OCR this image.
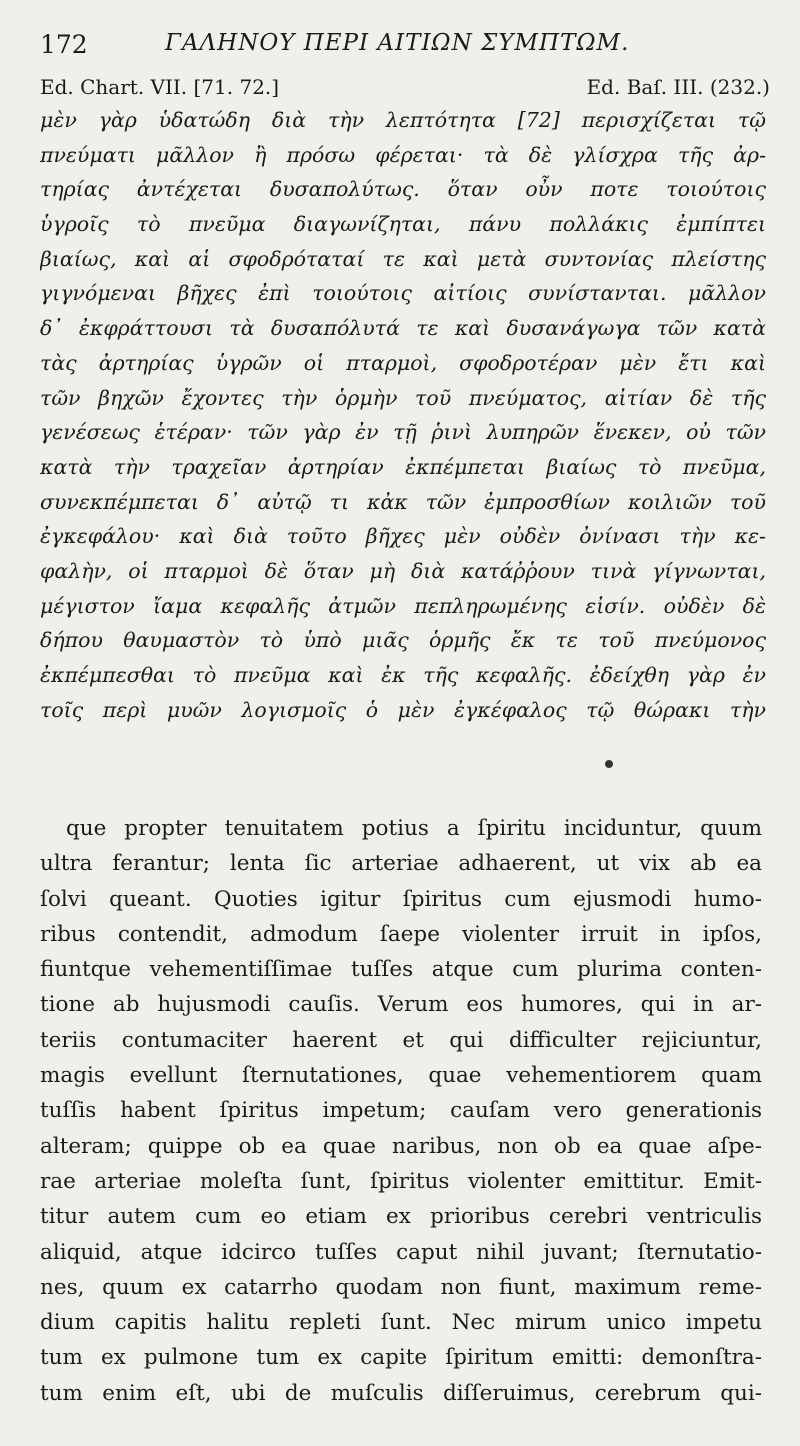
172	ΓΑΛΗΝΟΥ ΠΕΡΙ ΑΙΤΙΩΝ ΣΥΜΠΤΩΜ.
Ed. Chart. VII. [71. 72.]	Ed. Baſ. III. (232.)
μὲν γὰρ ὑδατώδη διὰ τὴν λεπτότητα [72] περισχίζεται τῷ
πνεύματι μᾶλλον ἢ πρόσω φέρεται· τὰ δὲ γλίσχρα τῆς ἀρ-
τηρίας ἀντέχεται δυσαπολύτως. ὅταν οὖν ποτε τοιούτοις
ὑγροῖς τὸ πνεῦμα διαγωνίζηται, πάνυ πολλάκις ἐμπίπτει
βιαίως, καὶ αἱ σφοδρόταταί τε καὶ μετὰ συντονίας πλείστης
γιγνόμεναι βῆχες ἐπὶ τοιούτοις αἰτίοις συνίστανται. μᾶλλον
δ᾽ ἐκφράττουσι τὰ δυσαπόλυτά τε καὶ δυσανάγωγα τῶν κατὰ
τὰς ἀρτηρίας ὑγρῶν οἱ πταρμοὶ, σφοδροτέραν μὲν ἔτι καὶ
τῶν βηχῶν ἔχοντες τὴν ὁρμὴν τοῦ πνεύματος, αἰτίαν δὲ τῆς
γενέσεως ἑτέραν· τῶν γὰρ ἐν τῇ ῥινὶ λυπηρῶν ἕνεκεν, οὐ τῶν
κατὰ τὴν τραχεῖαν ἀρτηρίαν ἐκπέμπεται βιαίως τὸ πνεῦμα,
συνεκπέμπεται δ᾽ αὐτῷ τι κἀκ τῶν ἐμπροσθίων κοιλιῶν τοῦ
ἐγκεφάλου· καὶ διὰ τοῦτο βῆχες μὲν οὐδὲν ὀνίνασι τὴν κε-
φαλὴν, οἱ πταρμοὶ δὲ ὅταν μὴ διὰ κατάῤῥουν τινὰ γίγνωνται,
μέγιστον ἴαμα κεφαλῆς ἀτμῶν πεπληρωμένης εἰσίν. οὐδὲν δὲ
δήπου θαυμαστὸν τὸ ὑπὸ μιᾶς ὁρμῆς ἔκ τε τοῦ πνεύμονος
ἐκπέμπεσθαι τὸ πνεῦμα καὶ ἐκ τῆς κεφαλῆς. ἐδείχθη γὰρ ἐν
τοῖς περὶ μυῶν λογισμοῖς ὁ μὲν ἐγκέφαλος τῷ θώρακι τὴν
que propter tenuitatem potius a ſpiritu inciduntur, quum
ultra ferantur; lenta ſic arteriae adhaerent, ut vix ab ea
ſolvi queant. Quoties igitur ſpiritus cum ejusmodi humo-
ribus contendit, admodum ſaepe violenter irruit in ipſos,
fiuntque vehementiſſimae tuſſes atque cum plurima conten-
tione ab hujusmodi cauſis. Verum eos humores, qui in ar-
teriis contumaciter haerent et qui difficulter rejiciuntur,
magis evellunt ſternutationes, quae vehementiorem quam
tuſſis habent ſpiritus impetum; cauſam vero generationis
alteram; quippe ob ea quae naribus, non ob ea quae aſpe-
rae arteriae moleſta ſunt, ſpiritus violenter emittitur. Emit-
titur autem cum eo etiam ex prioribus cerebri ventriculis
aliquid, atque idcirco tuſſes caput nihil juvant; ſternutatio-
nes, quum ex catarrho quodam non fiunt, maximum reme-
dium capitis halitu repleti ſunt. Nec mirum unico impetu
tum ex pulmone tum ex capite ſpiritum emitti: demonſtra-
tum enim eſt, ubi de muſculis diſſeruimus, cerebrum qui-
